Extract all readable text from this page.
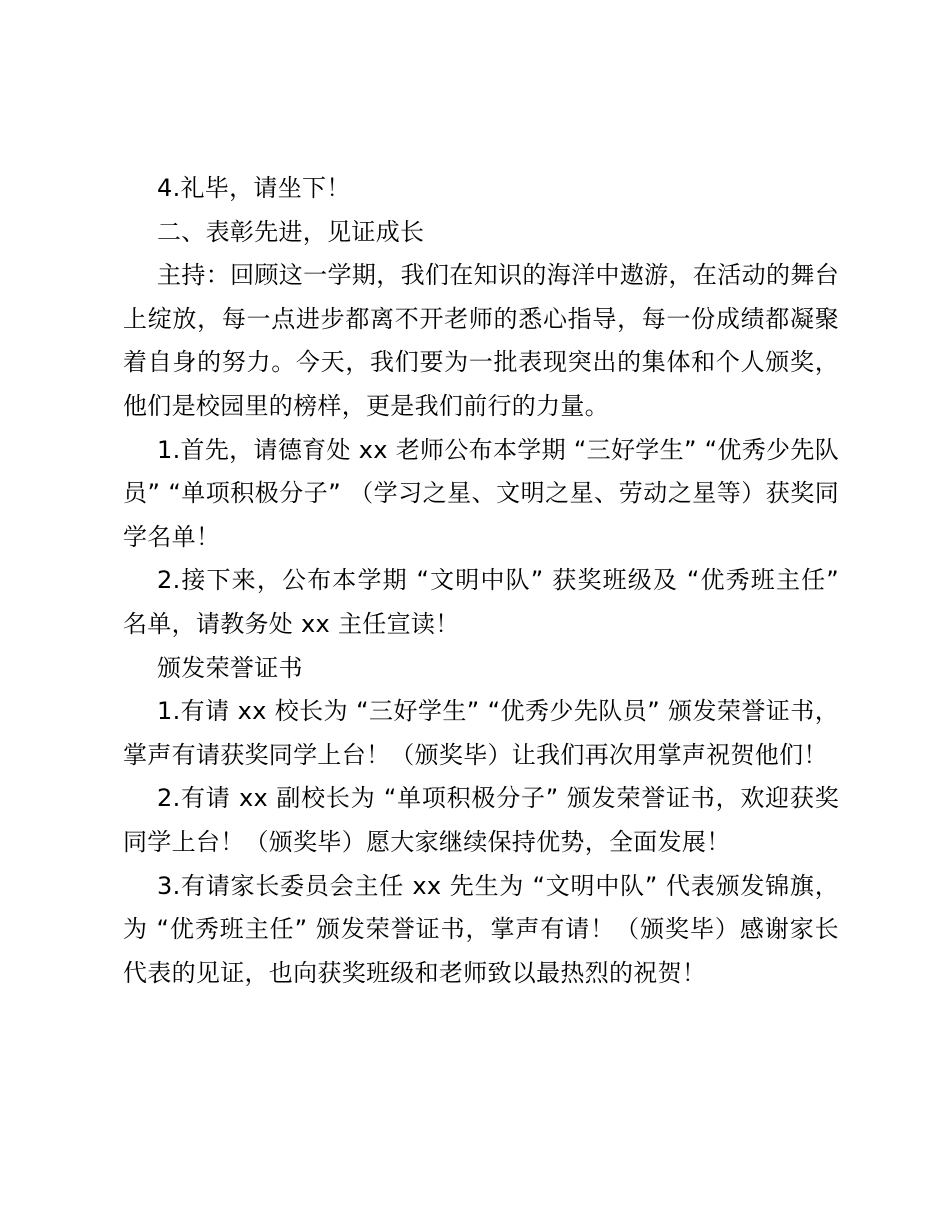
4.礼毕，请坐下！

二、表彰先进，见证成长

主持：回顾这一学期，我们在知识的海洋中遨游，在活动的舞台上绽放，每一点进步都离不开老师的悉心指导，每一份成绩都凝聚着自身的努力。今天，我们要为一批表现突出的集体和个人颁奖，他们是校园里的榜样，更是我们前行的力量。

1.首先，请德育处 xx 老师公布本学期 “三好学生” “优秀少先队员” “单项积极分子” （学习之星、文明之星、劳动之星等）获奖同学名单！

2.接下来，公布本学期 “文明中队” 获奖班级及 “优秀班主任” 名单，请教务处 xx 主任宣读！

颁发荣誉证书

1.有请 xx 校长为 “三好学生” “优秀少先队员” 颁发荣誉证书，掌声有请获奖同学上台！（颁奖毕）让我们再次用掌声祝贺他们！

2.有请 xx 副校长为 “单项积极分子” 颁发荣誉证书，欢迎获奖同学上台！（颁奖毕）愿大家继续保持优势，全面发展！

3.有请家长委员会主任 xx 先生为 “文明中队” 代表颁发锦旗，为 “优秀班主任” 颁发荣誉证书，掌声有请！（颁奖毕）感谢家长代表的见证，也向获奖班级和老师致以最热烈的祝贺！
